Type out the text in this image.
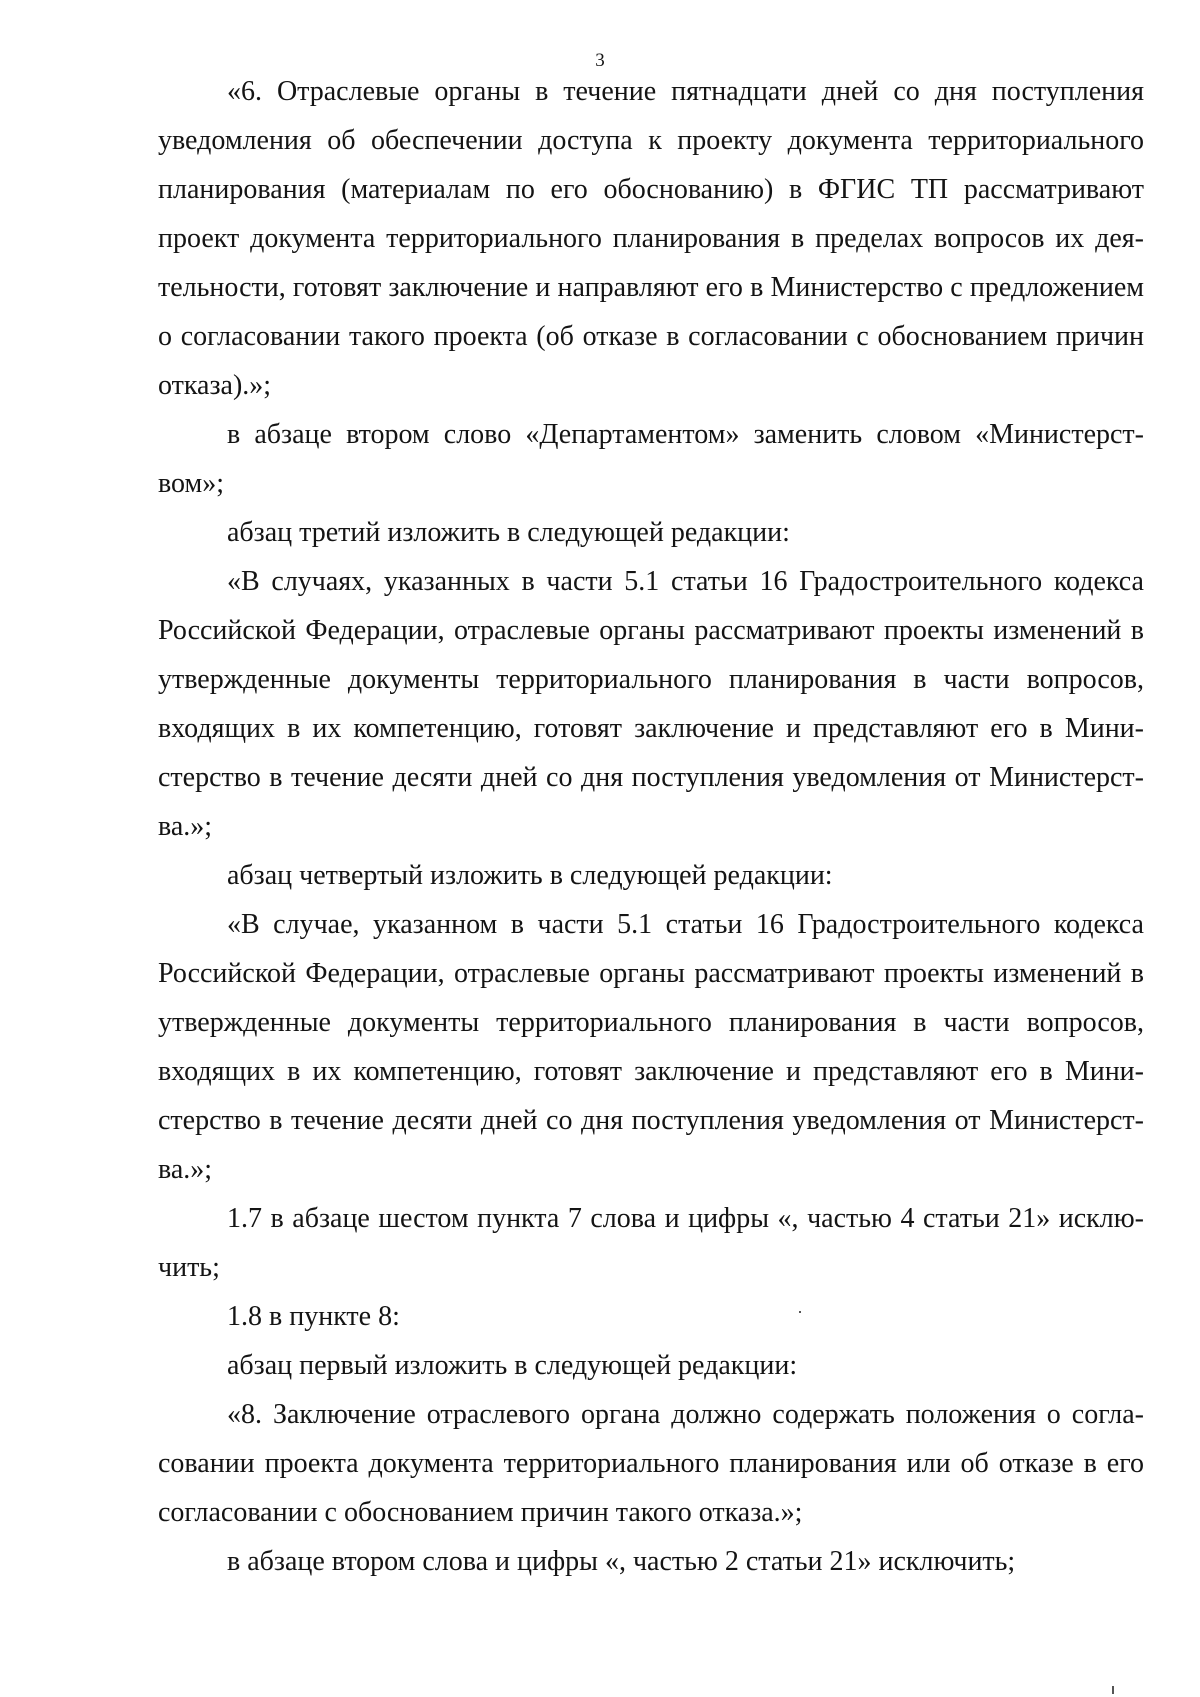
3

«6. Отраслевые органы в течение пятнадцати дней со дня поступления уведомления об обеспечении доступа к проекту документа территориального планирования (материалам по его обоснованию) в ФГИС ТП рассматривают проект документа территориального планирования в пределах вопросов их деятельности, готовят заключение и направляют его в Министерство с предложением о согласовании такого проекта (об отказе в согласовании с обоснованием причин отказа).»;

в абзаце втором слово «Департаментом» заменить словом «Министерством»;

абзац третий изложить в следующей редакции:

«В случаях, указанных в части 5.1 статьи 16 Градостроительного кодекса Российской Федерации, отраслевые органы рассматривают проекты изменений в утвержденные документы территориального планирования в части вопросов, входящих в их компетенцию, готовят заключение и представляют его в Министерство в течение десяти дней со дня поступления уведомления от Министерства.»;

абзац четвертый изложить в следующей редакции:

«В случае, указанном в части 5.1 статьи 16 Градостроительного кодекса Российской Федерации, отраслевые органы рассматривают проекты изменений в утвержденные документы территориального планирования в части вопросов, входящих в их компетенцию, готовят заключение и представляют его в Министерство в течение десяти дней со дня поступления уведомления от Министерства.»;

1.7 в абзаце шестом пункта 7 слова и цифры «, частью 4 статьи 21» исключить;

1.8 в пункте 8:

абзац первый изложить в следующей редакции:

«8. Заключение отраслевого органа должно содержать положения о согласовании проекта документа территориального планирования или об отказе в его согласовании с обоснованием причин такого отказа.»;

в абзаце втором слова и цифры «, частью 2 статьи 21» исключить;
